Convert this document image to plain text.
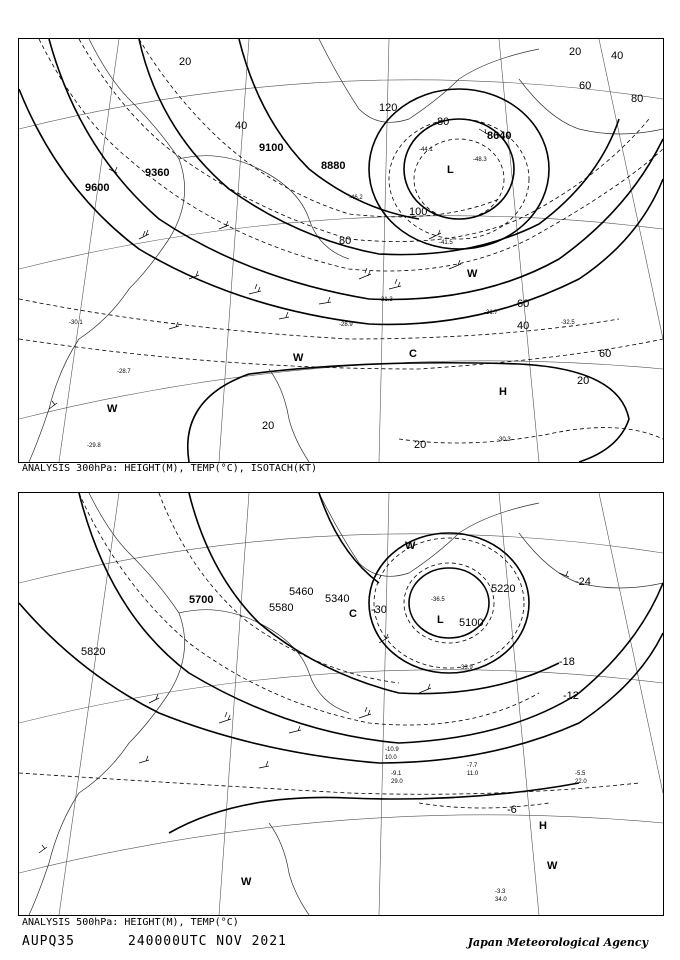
9600
9360
9100
8880
8640
20
40
60
80
100
120
80
60
40
20
20
20
20	40
60
80
-30.1
-31.3
-31.7
-28.9
-30.3
-28.7
-29.8
-32.5
-44.1
-46.2
-41.5
-48.3
H
L
W
W
W
C
ANALYSIS 300hPa: HEIGHT(M), TEMP(°C), ISOTACH(KT)
5700
5820
5580
5460
5340
5220
5100
-30
-24
-18
-12
-6
-3.3
34.0
-5.5
22.0
-7.7
11.0
-9.1
29.0
-10.9
10.0
-36.5
-33.9
H
L
W
W
W
C
ANALYSIS 500hPa: HEIGHT(M), TEMP(°C)
AUPQ35	240000UTC NOV 2021	Japan Meteorological Agency
